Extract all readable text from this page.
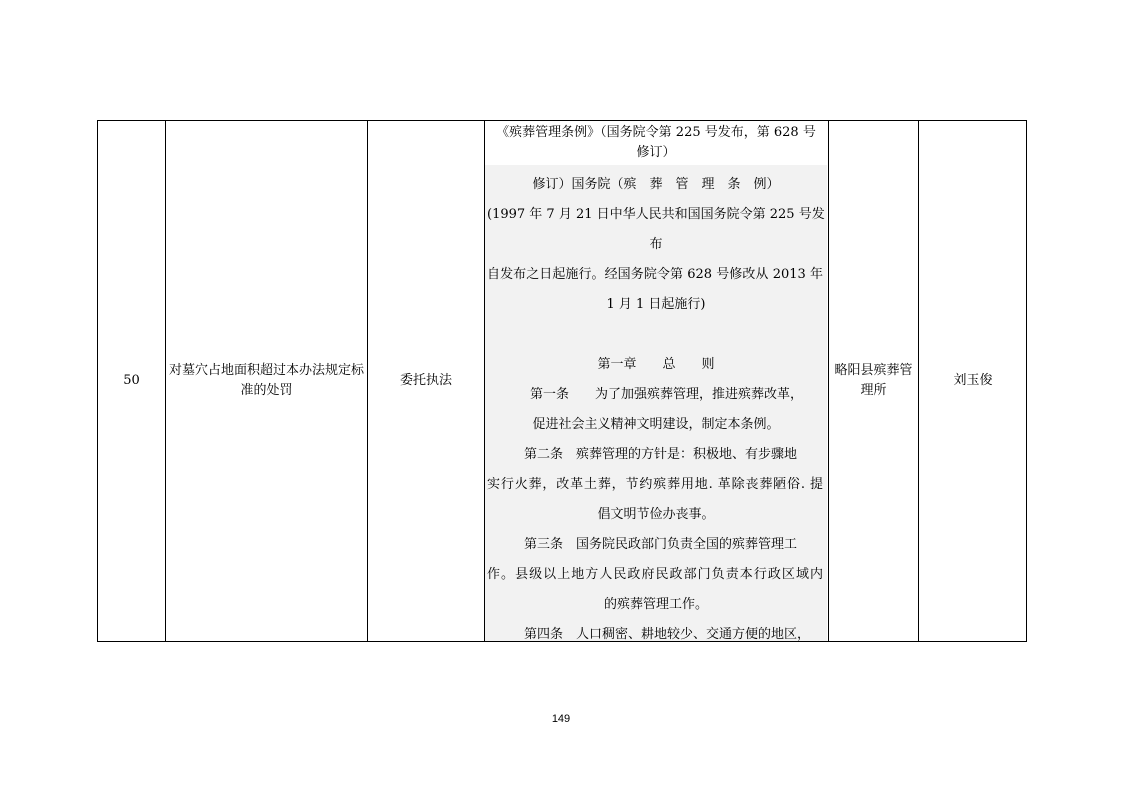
50
对墓穴占地面积超过本办法规定标准的处罚
委托执法
《殡葬管理条例》（国务院令第 225 号发布，第 628 号修订）
修订）国务院（殡　葬　管　理　条　例）
(1997 年 7 月 21 日中华人民共和国国务院令第 225 号发
布
自发布之日起施行。经国务院令第 628 号修改从 2013 年
1 月 1 日起施行)
第一章　　总　　则
第一条　　为了加强殡葬管理，推进殡葬改革，
促进社会主义精神文明建设，制定本条例。
第二条　殡葬管理的方针是：积极地、有步骤地
实行火葬，改革土葬，节约殡葬用地. 革除丧葬陋俗. 提
倡文明节俭办丧事。
第三条　国务院民政部门负责全国的殡葬管理工
作。县级以上地方人民政府民政部门负责本行政区域内
的殡葬管理工作。
第四条　人口稠密、耕地较少、交通方便的地区，
略阳县殡葬管理所
刘玉俊
149
